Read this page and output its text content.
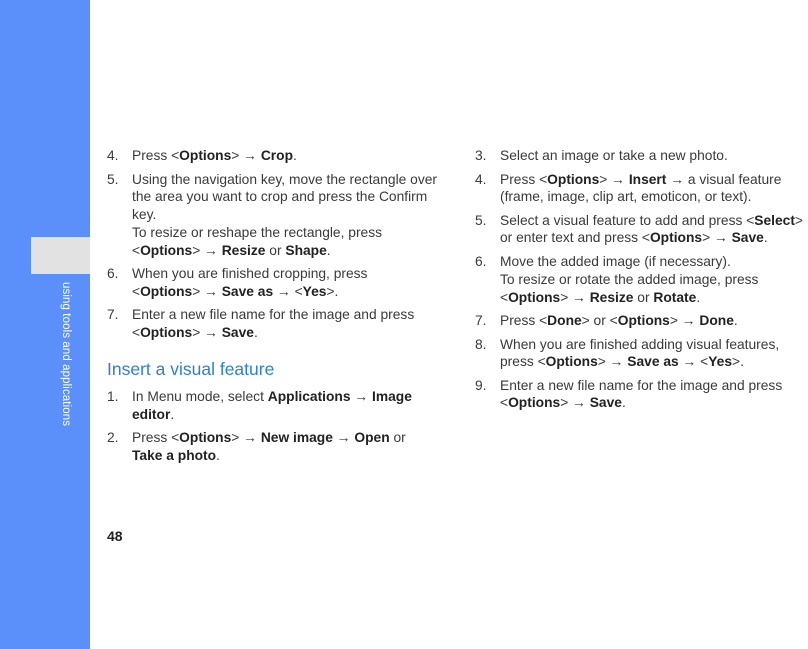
using tools and applications
48
4. Press <Options> → Crop.
5. Using the navigation key, move the rectangle over the area you want to crop and press the Confirm key.
To resize or reshape the rectangle, press <Options> → Resize or Shape.
6. When you are finished cropping, press <Options> → Save as → <Yes>.
7. Enter a new file name for the image and press <Options> → Save.
Insert a visual feature
1. In Menu mode, select Applications → Image editor.
2. Press <Options> → New image → Open or Take a photo.
3. Select an image or take a new photo.
4. Press <Options> → Insert → a visual feature (frame, image, clip art, emoticon, or text).
5. Select a visual feature to add and press <Select> or enter text and press <Options> → Save.
6. Move the added image (if necessary).
To resize or rotate the added image, press <Options> → Resize or Rotate.
7. Press <Done> or <Options> → Done.
8. When you are finished adding visual features, press <Options> → Save as → <Yes>.
9. Enter a new file name for the image and press <Options> → Save.
